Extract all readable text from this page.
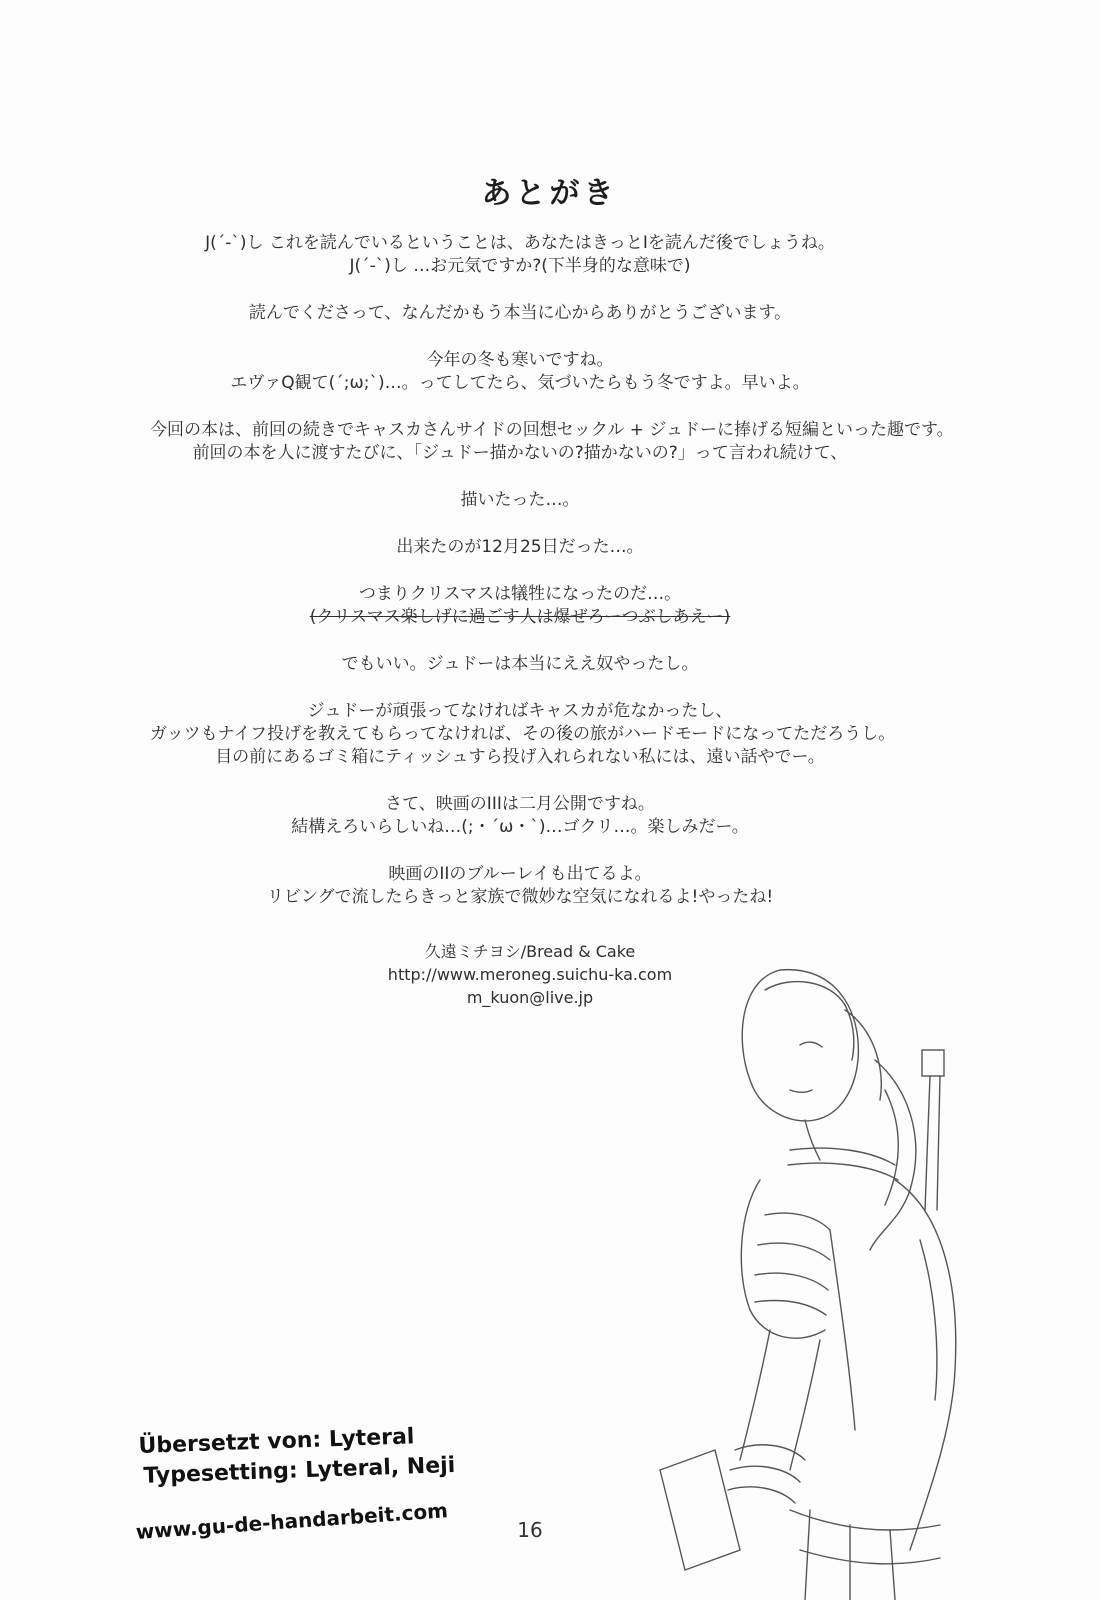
あとがき

J(´-`)し これを読んでいるということは、あなたはきっとIを読んだ後でしょうね。
J(´-`)し …お元気ですか?(下半身的な意味で)

読んでくださって、なんだかもう本当に心からありがとうございます。

今年の冬も寒いですね。
エヴァQ観て(´;ω;`)…。ってしてたら、気づいたらもう冬ですよ。早いよ。

今回の本は、前回の続きでキャスカさんサイドの回想セックル + ジュドーに捧げる短編といった趣です。
前回の本を人に渡すたびに、「ジュドー描かないの?描かないの?」って言われ続けて、

描いたった…。

出来たのが12月25日だった…。

つまりクリスマスは犠牲になったのだ…。
(クリスマス楽しげに過ごす人は爆ぜろーつぶしあえー)

でもいい。ジュドーは本当にええ奴やったし。

ジュドーが頑張ってなければキャスカが危なかったし、
ガッツもナイフ投げを教えてもらってなければ、その後の旅がハードモードになってただろうし。
目の前にあるゴミ箱にティッシュすら投げ入れられない私には、遠い話やでー。

さて、映画のIIIは二月公開ですね。
結構えろいらしいね…(;・´ω・`)…ゴクリ…。楽しみだー。

映画のIIのブルーレイも出てるよ。
リビングで流したらきっと家族で微妙な空気になれるよ!やったね!

久遠ミチヨシ/Bread & Cake
http://www.meroneg.suichu-ka.com
m_kuon@live.jp
16
Übersetzt von: Lyteral
Typesetting: Lyteral, Neji
www.gu-de-handarbeit.com
